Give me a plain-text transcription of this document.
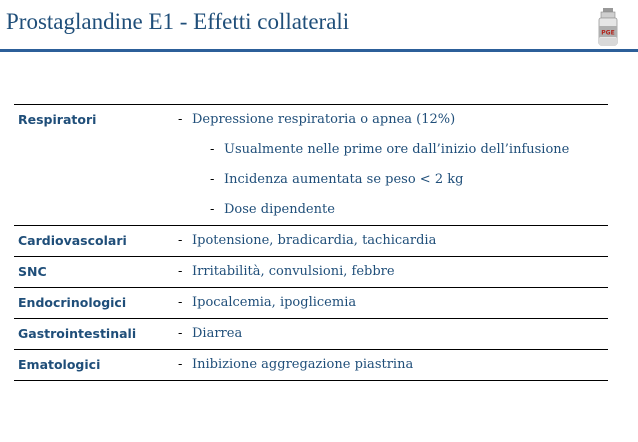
Prostaglandine E1 - Effetti collaterali	PGE
Respiratori	- Depressione respiratoria o apnea (12%)
- Usualmente nelle prime ore dall’inizio dell’infusione
- Incidenza aumentata se peso < 2 kg
- Dose dipendente
Cardiovascolari	- Ipotensione, bradicardia, tachicardia
SNC	- Irritabilità, convulsioni, febbre
Endocrinologici	- Ipocalcemia, ipoglicemia
Gastrointestinali	- Diarrea
Ematologici	- Inibizione aggregazione piastrina
